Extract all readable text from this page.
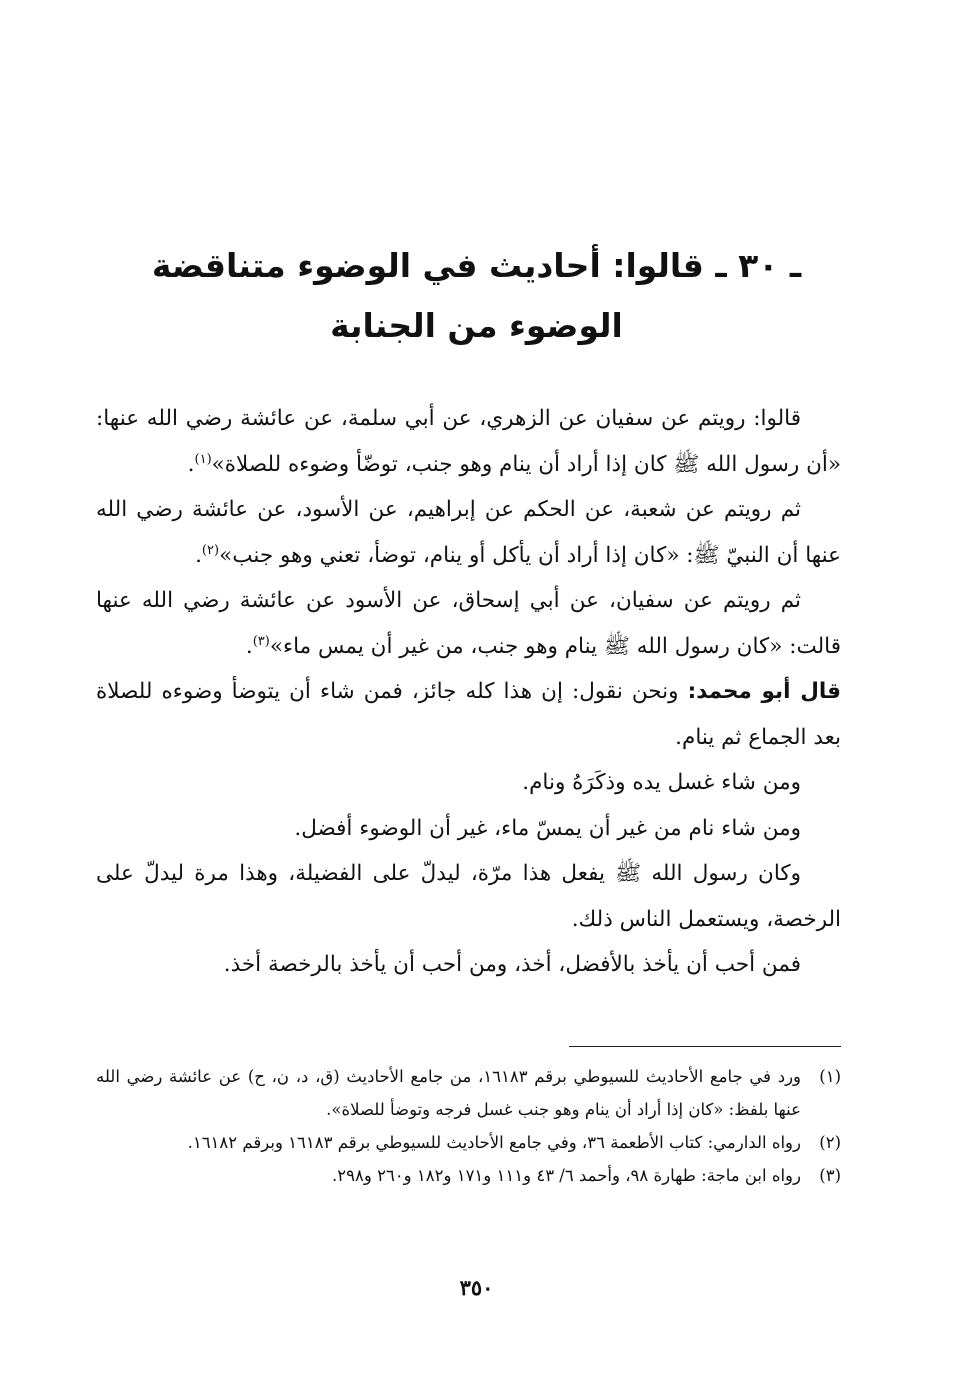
ـ ٣٠ ـ قالوا: أحاديث في الوضوء متناقضة

الوضوء من الجنابة

قالوا: رويتم عن سفيان عن الزهري، عن أبي سلمة، عن عائشة رضي الله عنها: «أن رسول الله ﷺ كان إذا أراد أن ينام وهو جنب، توضّأ وضوءه للصلاة»$^{(١)}$.

ثم رويتم عن شعبة، عن الحكم عن إبراهيم، عن الأسود، عن عائشة رضي الله عنها أن النبيّ ﷺ: «كان إذا أراد أن يأكل أو ينام، توضأ، تعني وهو جنب»$^{(٢)}$.

ثم رويتم عن سفيان، عن أبي إسحاق، عن الأسود عن عائشة رضي الله عنها قالت: «كان رسول الله ﷺ ينام وهو جنب، من غير أن يمس ماء»$^{(٣)}$.

قال أبو محمد: ونحن نقول: إن هذا كله جائز، فمن شاء أن يتوضأ وضوءه للصلاة بعد الجماع ثم ينام.

ومن شاء غسل يده وذكَرَهُ ونام.

ومن شاء نام من غير أن يمسّ ماء، غير أن الوضوء أفضل.

وكان رسول الله ﷺ يفعل هذا مرّة، ليدلّ على الفضيلة، وهذا مرة ليدلّ على الرخصة، ويستعمل الناس ذلك.

فمن أحب أن يأخذ بالأفضل، أخذ، ومن أحب أن يأخذ بالرخصة أخذ.

(١)
ورد في جامع الأحاديث للسيوطي برقم ١٦١٨٣، من جامع الأحاديث (ق، د، ن، ح) عن عائشة رضي الله عنها بلفظ: «كان إذا أراد أن ينام وهو جنب غسل فرجه وتوضأ للصلاة».
(٢)
رواه الدارمي: كتاب الأطعمة ٣٦، وفي جامع الأحاديث للسيوطي برقم ١٦١٨٣ وبرقم ١٦١٨٢.
(٣)
رواه ابن ماجة: طهارة ٩٨، وأحمد ٦/ ٤٣ و١١١ و١٧١ و١٨٢ و٢٦٠ و٢٩٨.
٣٥٠
